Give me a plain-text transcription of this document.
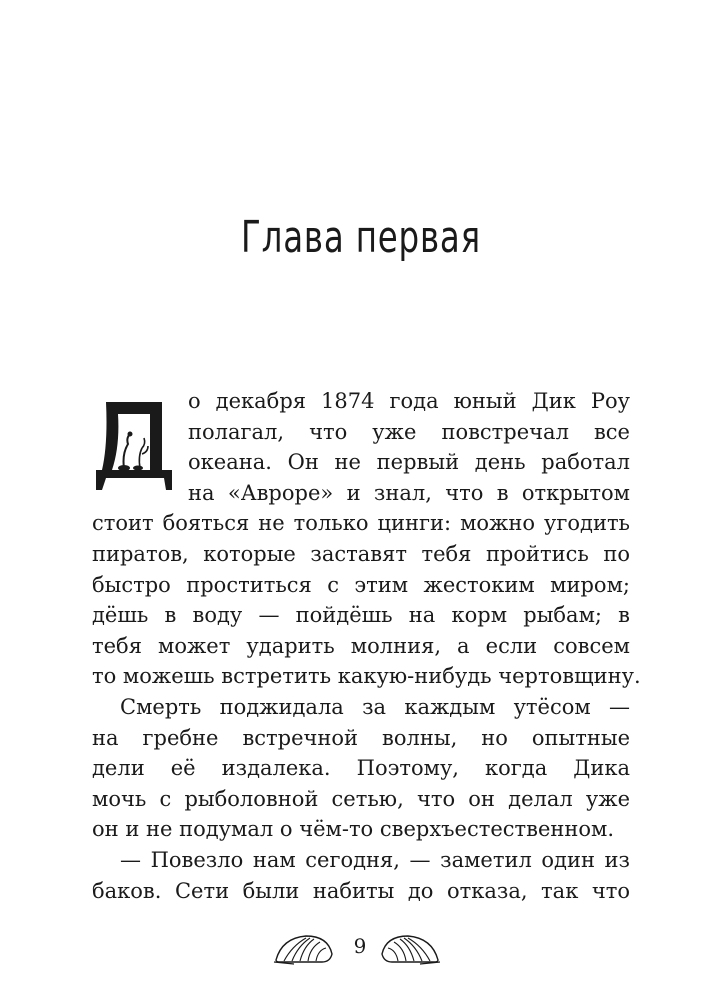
Глава первая
о декабря 1874 года юный Дик Роу
полагал, что уже повстречал все
океана. Он не первый день работал
на «Авроре» и знал, что в открытом
стоит бояться не только цинги: можно угодить
пиратов, которые заставят тебя пройтись по
быстро проститься с этим жестоким миром;
дёшь в воду — пойдёшь на корм рыбам; в
тебя может ударить молния, а если совсем
то можешь встретить какую-нибудь чертовщину.
Смерть поджидала за каждым утёсом —
на гребне встречной волны, но опытные
дели её издалека. Поэтому, когда Дика
мочь с рыболовной сетью, что он делал уже
он и не подумал о чём-то сверхъестественном.
— Повезло нам сегодня, — заметил один из
баков. Сети были набиты до отказа, так что
9
